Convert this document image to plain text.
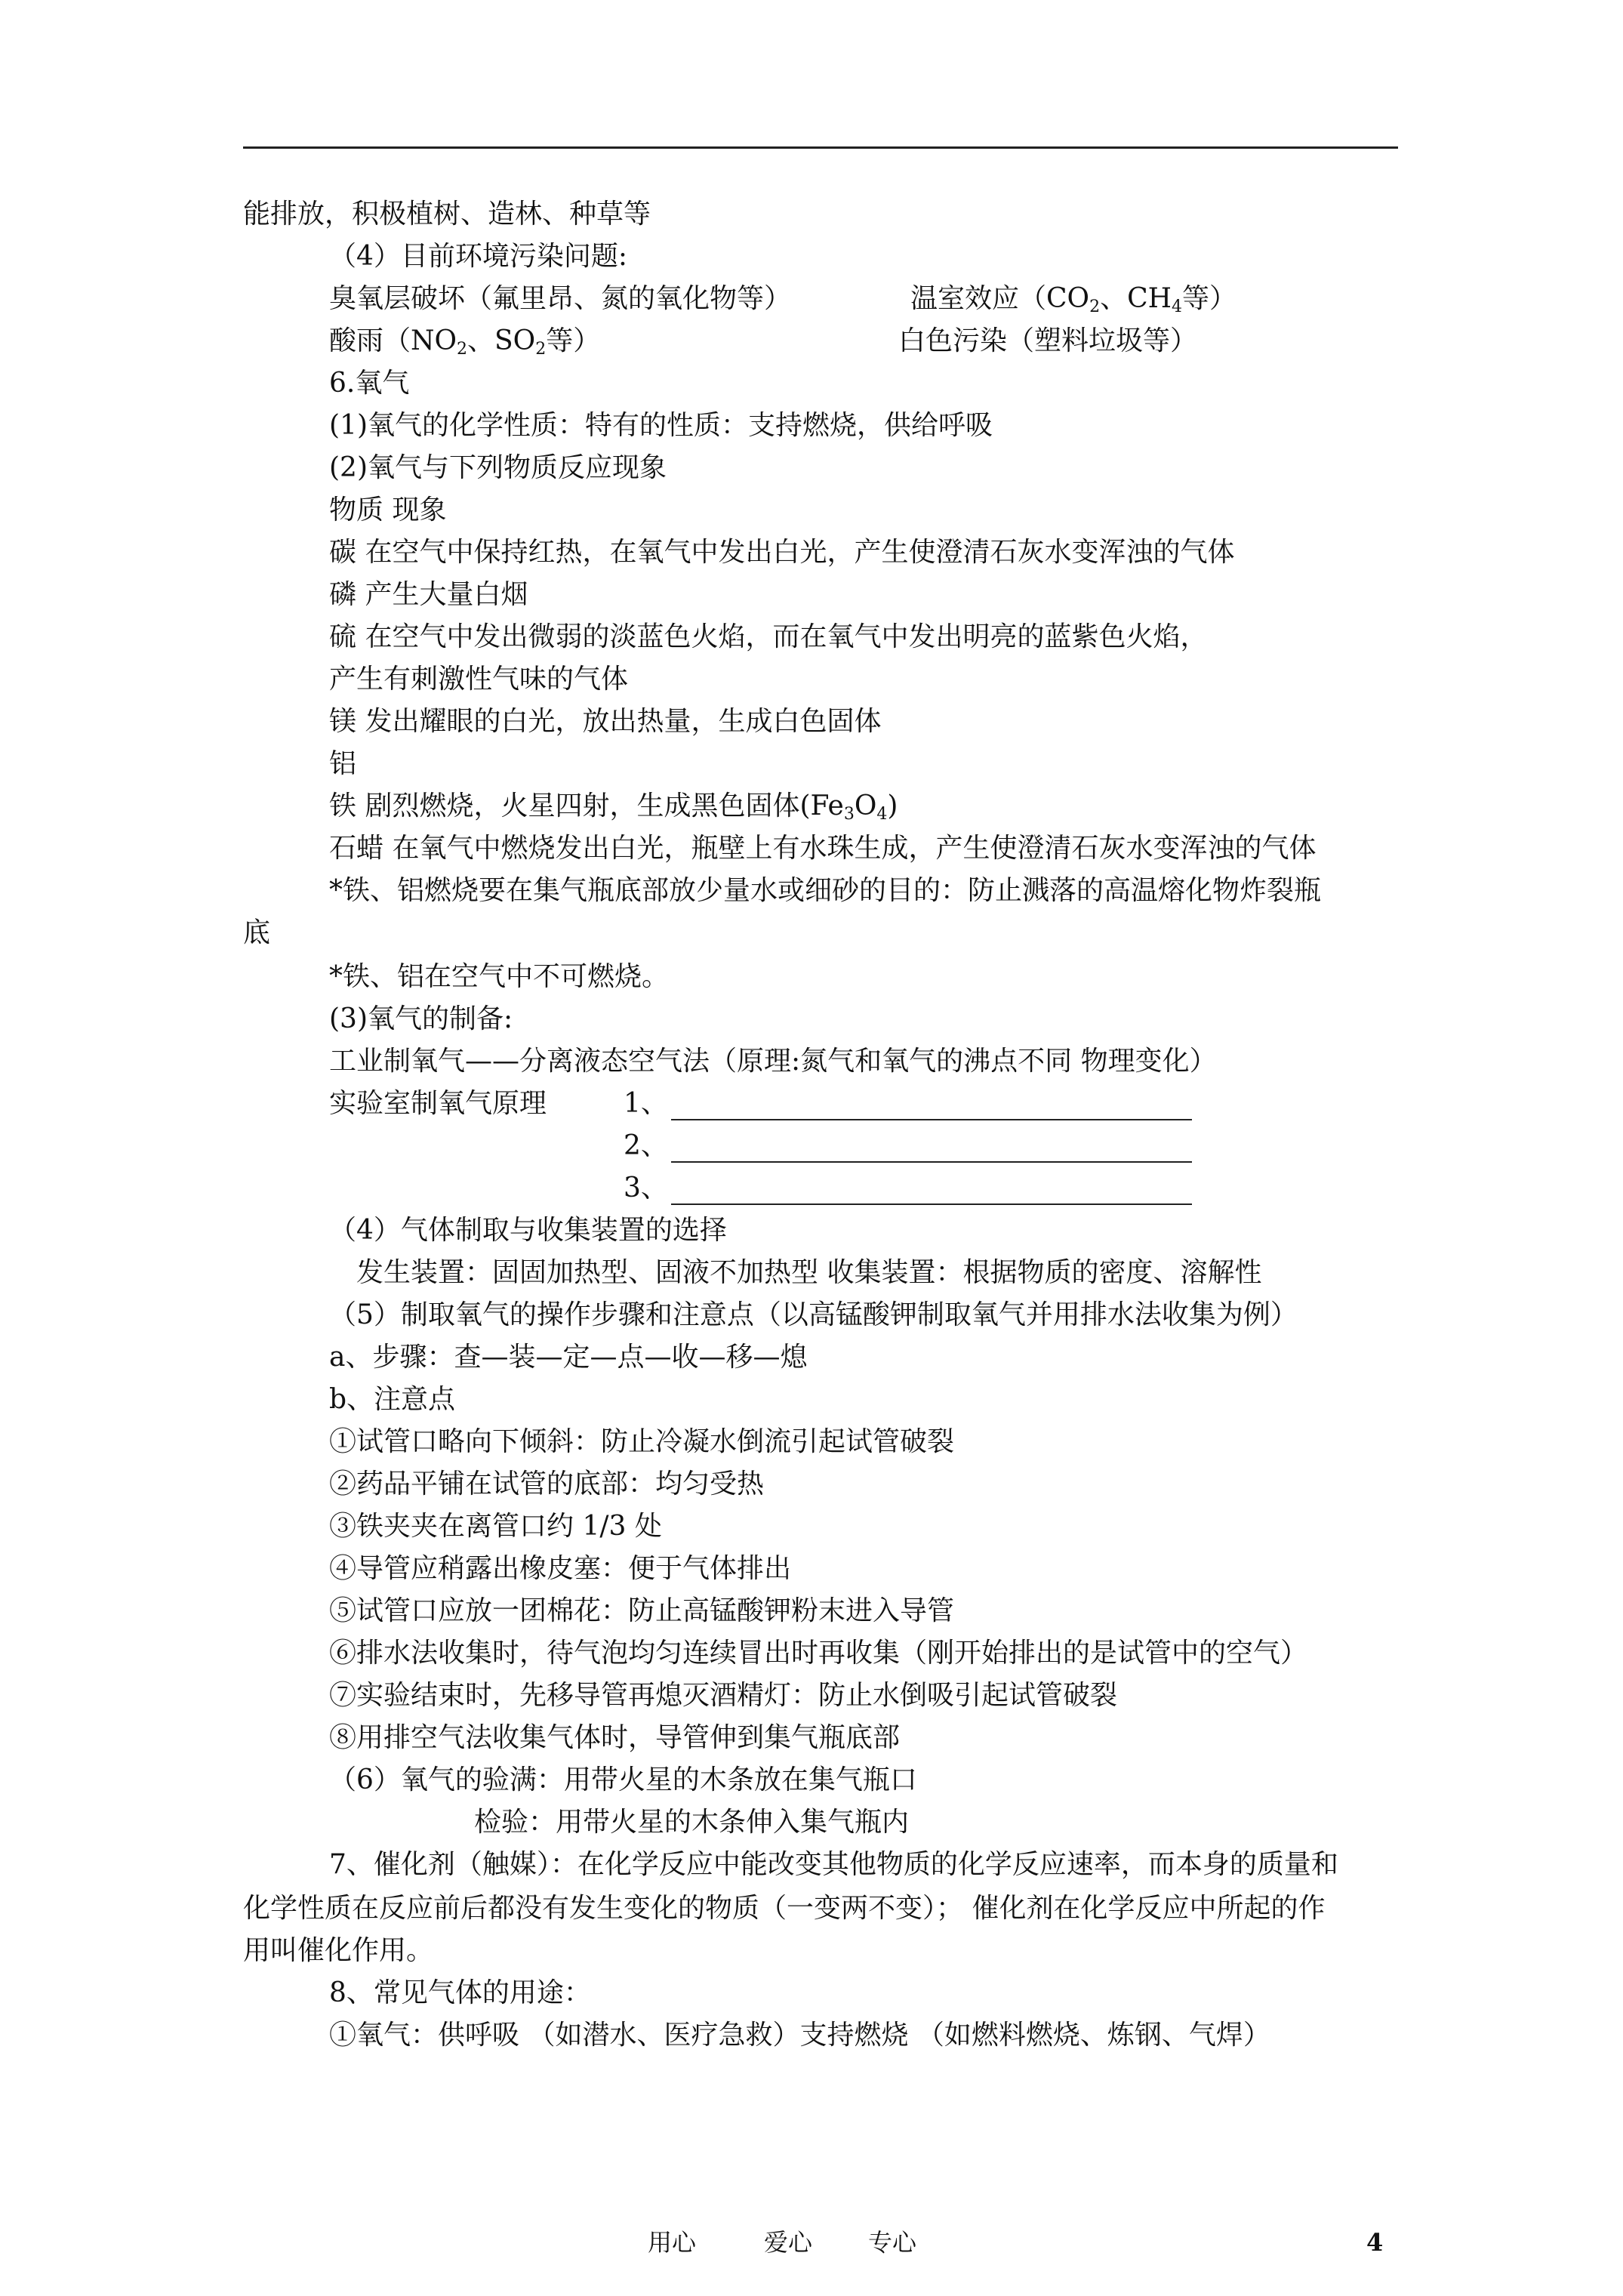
能排放，积极植树、造林、种草等
（4）目前环境污染问题:
臭氧层破坏（氟里昂、氮的氧化物等）	温室效应（$CO_2$、$CH_4$等）
酸雨（$NO_2$、$SO_2$等）	白色污染（塑料垃圾等）
6.氧气
(1)氧气的化学性质：特有的性质：支持燃烧，供给呼吸
(2)氧气与下列物质反应现象
物质 现象
碳 在空气中保持红热，在氧气中发出白光，产生使澄清石灰水变浑浊的气体
磷 产生大量白烟
硫 在空气中发出微弱的淡蓝色火焰，而在氧气中发出明亮的蓝紫色火焰，
产生有刺激性气味的气体
镁 发出耀眼的白光，放出热量，生成白色固体
铝
铁 剧烈燃烧，火星四射，生成黑色固体$(Fe_3O_4)$
石蜡 在氧气中燃烧发出白光，瓶壁上有水珠生成，产生使澄清石灰水变浑浊的气体
*铁、铝燃烧要在集气瓶底部放少量水或细砂的目的：防止溅落的高温熔化物炸裂瓶
底
*铁、铝在空气中不可燃烧。
(3)氧气的制备:
工业制氧气——分离液态空气法（原理:氮气和氧气的沸点不同 物理变化）
实验室制氧气原理	1、
2、
3、
（4）气体制取与收集装置的选择
发生装置：固固加热型、固液不加热型 收集装置：根据物质的密度、溶解性
（5）制取氧气的操作步骤和注意点（以高锰酸钾制取氧气并用排水法收集为例）
a、步骤：查—装—定—点—收—移—熄
b、注意点
①试管口略向下倾斜：防止冷凝水倒流引起试管破裂
②药品平铺在试管的底部：均匀受热
③铁夹夹在离管口约 1/3 处
④导管应稍露出橡皮塞：便于气体排出
⑤试管口应放一团棉花：防止高锰酸钾粉末进入导管
⑥排水法收集时，待气泡均匀连续冒出时再收集（刚开始排出的是试管中的空气）
⑦实验结束时，先移导管再熄灭酒精灯：防止水倒吸引起试管破裂
⑧用排空气法收集气体时，导管伸到集气瓶底部
（6）氧气的验满：用带火星的木条放在集气瓶口
检验：用带火星的木条伸入集气瓶内
7、催化剂（触媒）：在化学反应中能改变其他物质的化学反应速率，而本身的质量和
化学性质在反应前后都没有发生变化的物质（一变两不变）； 催化剂在化学反应中所起的作
用叫催化作用。
8、常见气体的用途：
①氧气：供呼吸 （如潜水、医疗急救）支持燃烧 （如燃料燃烧、炼钢、气焊）
用心	爱心 专心	4
